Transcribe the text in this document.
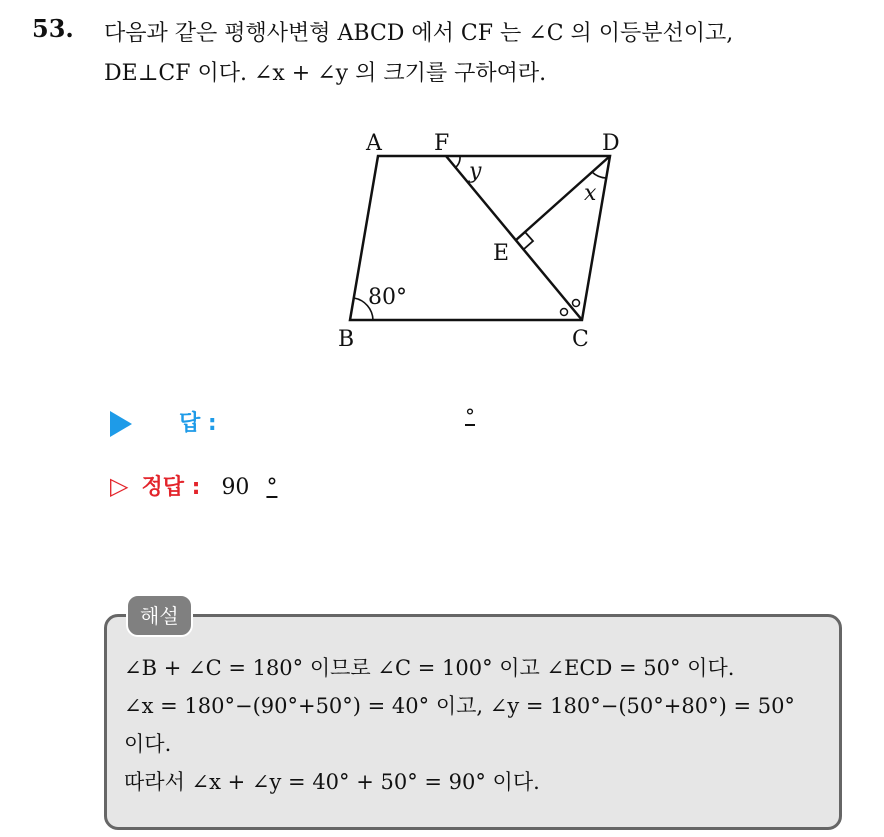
53. 다음과 같은 평행사변형 ABCD 에서 CF 는 ∠C 의 이등분선이고,
DE⊥CF 이다. ∠x + ∠y 의 크기를 구하여라.
A F	D
E
B	C
y
x
80°
답 :	°
▷ 정답 : 90 °
해설
∠B + ∠C = 180° 이므로 ∠C = 100° 이고 ∠ECD = 50° 이다.
∠x = 180°−(90°+50°) = 40° 이고, ∠y = 180°−(50°+80°) = 50°
이다.
따라서 ∠x + ∠y = 40° + 50° = 90° 이다.
